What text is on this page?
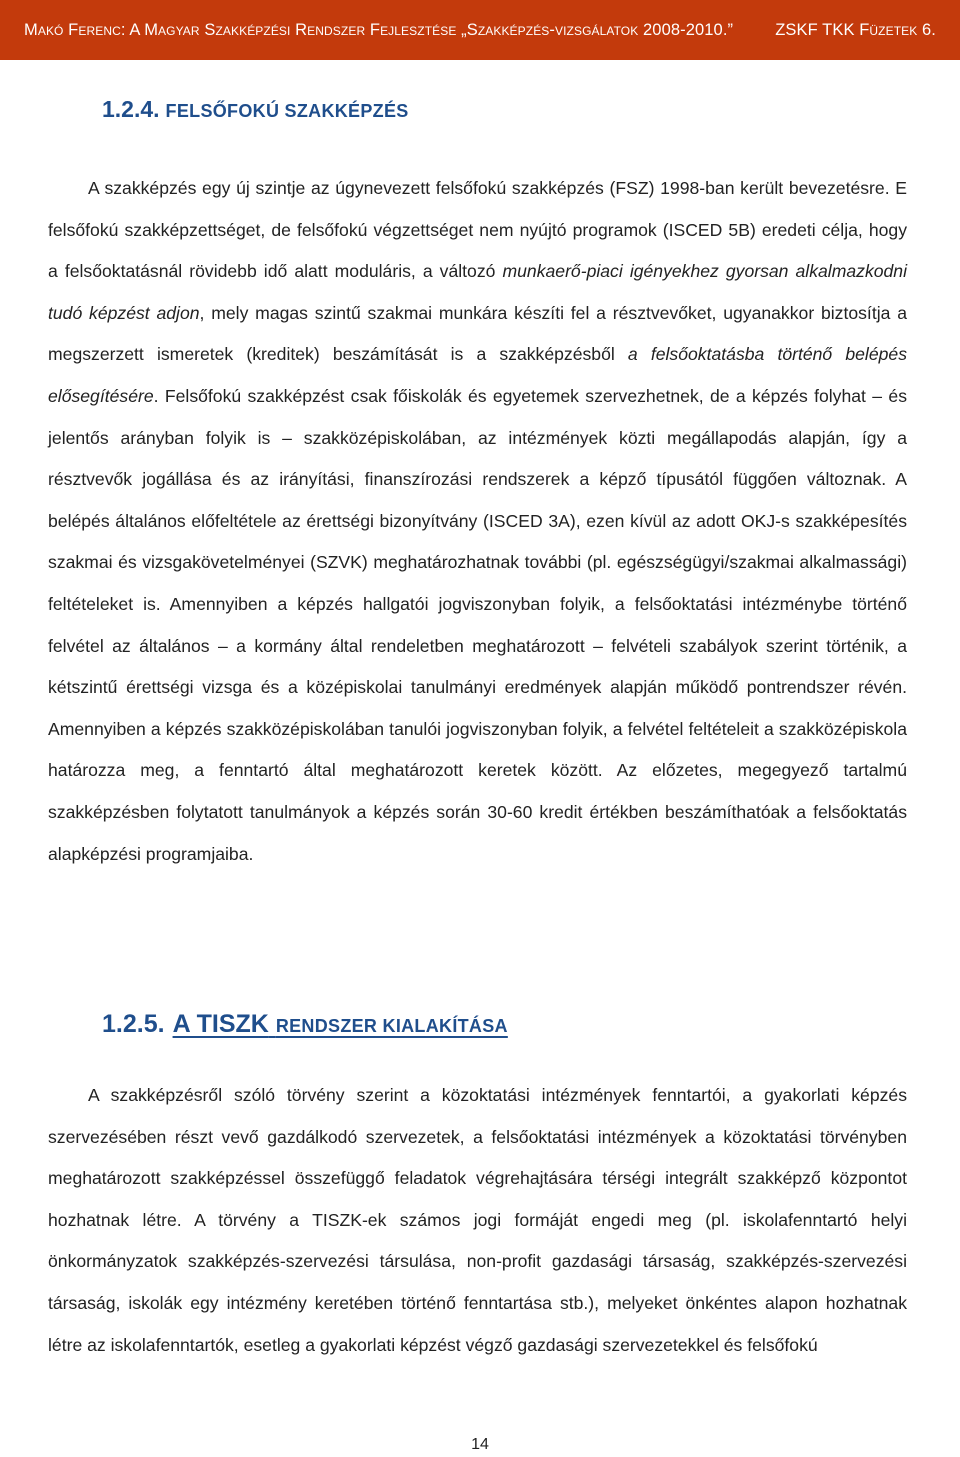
Makó Ferenc: A Magyar Szakképzési Rendszer Fejlesztése „Szakképzés-vizsgálatok 2008-2010.”	ZSKF TKK Füzetek 6.
1.2.4. FELSŐFOKÚ SZAKKÉPZÉS

A szakképzés egy új szintje az úgynevezett felsőfokú szakképzés (FSZ) 1998-ban került bevezetésre. E felsőfokú szakképzettséget, de felsőfokú végzettséget nem nyújtó programok (ISCED 5B) eredeti célja, hogy a felsőoktatásnál rövidebb idő alatt moduláris, a változó munkaerő-piaci igényekhez gyorsan alkalmazkodni tudó képzést adjon, mely magas szintű szakmai munkára készíti fel a résztvevőket, ugyanakkor biztosítja a megszerzett ismeretek (kreditek) beszámítását is a szakképzésből a felsőoktatásba történő belépés elősegítésére. Felsőfokú szakképzést csak főiskolák és egyetemek szervezhetnek, de a képzés folyhat – és jelentős arányban folyik is – szakközépiskolában, az intézmények közti megállapodás alapján, így a résztvevők jogállása és az irányítási, finanszírozási rendszerek a képző típusától függően változnak. A belépés általános előfeltétele az érettségi bizonyítvány (ISCED 3A), ezen kívül az adott OKJ-s szakképesítés szakmai és vizsgakövetelményei (SZVK) meghatározhatnak további (pl. egészségügyi/szakmai alkalmassági) feltételeket is. Amennyiben a képzés hallgatói jogviszonyban folyik, a felsőoktatási intézménybe történő felvétel az általános – a kormány által rendeletben meghatározott – felvételi szabályok szerint történik, a kétszintű érettségi vizsga és a középiskolai tanulmányi eredmények alapján működő pontrendszer révén. Amennyiben a képzés szakközépiskolában tanulói jogviszonyban folyik, a felvétel feltételeit a szakközépiskola határozza meg, a fenntartó által meghatározott keretek között. Az előzetes, megegyező tartalmú szakképzésben folytatott tanulmányok a képzés során 30-60 kredit értékben beszámíthatóak a felsőoktatás alapképzési programjaiba.

1.2.5. A TISZK RENDSZER KIALAKÍTÁSA

A szakképzésről szóló törvény szerint a közoktatási intézmények fenntartói, a gyakorlati képzés szervezésében részt vevő gazdálkodó szervezetek, a felsőoktatási intézmények a közoktatási törvényben meghatározott szakképzéssel összefüggő feladatok végrehajtására térségi integrált szakképző központot hozhatnak létre. A törvény a TISZK-ek számos jogi formáját engedi meg (pl. iskolafenntartó helyi önkormányzatok szakképzés-szervezési társulása, non-profit gazdasági társaság, szakképzés-szervezési társaság, iskolák egy intézmény keretében történő fenntartása stb.), melyeket önkéntes alapon hozhatnak létre az iskolafenntartók, esetleg a gyakorlati képzést végző gazdasági szervezetekkel és felsőfokú

14
